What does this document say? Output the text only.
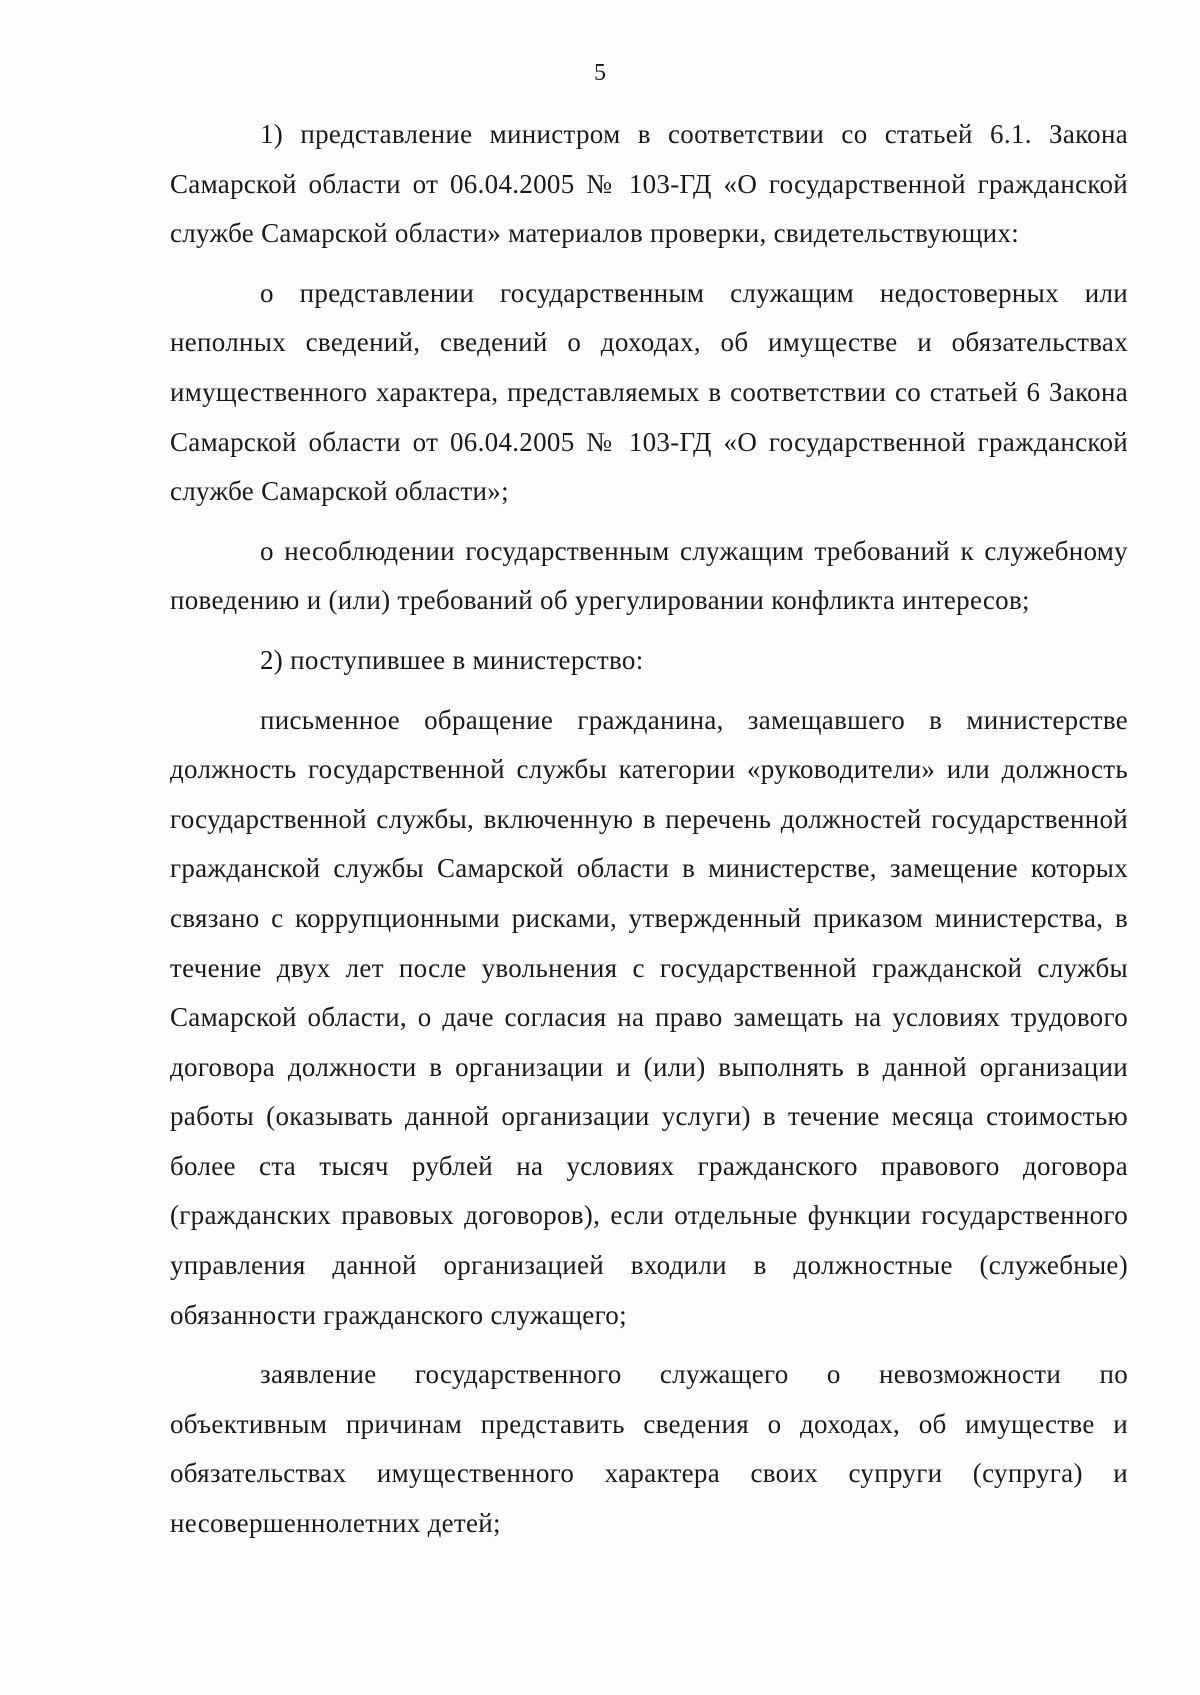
5

1) представление министром в соответствии со статьей 6.1. Закона Самарской области от 06.04.2005 № 103-ГД «О государственной гражданской службе Самарской области» материалов проверки, свидетельствующих:

о представлении государственным служащим недостоверных или неполных сведений, сведений о доходах, об имуществе и обязательствах имущественного характера, представляемых в соответствии со статьей 6 Закона Самарской области от 06.04.2005 № 103-ГД «О государственной гражданской службе Самарской области»;

о несоблюдении государственным служащим требований к служебному поведению и (или) требований об урегулировании конфликта интересов;

2) поступившее в министерство:

письменное обращение гражданина, замещавшего в министерстве должность государственной службы категории «руководители» или должность государственной службы, включенную в перечень должностей государственной гражданской службы Самарской области в министерстве, замещение которых связано с коррупционными рисками, утвержденный приказом министерства, в течение двух лет после увольнения с государственной гражданской службы Самарской области, о даче согласия на право замещать на условиях трудового договора должности в организации и (или) выполнять в данной организации работы (оказывать данной организации услуги) в течение месяца стоимостью более ста тысяч рублей на условиях гражданского правового договора (гражданских правовых договоров), если отдельные функции государственного управления данной организацией входили в должностные (служебные) обязанности гражданского служащего;

заявление государственного служащего о невозможности по объективным причинам представить сведения о доходах, об имуществе и обязательствах имущественного характера своих супруги (супруга) и несовершеннолетних детей;
